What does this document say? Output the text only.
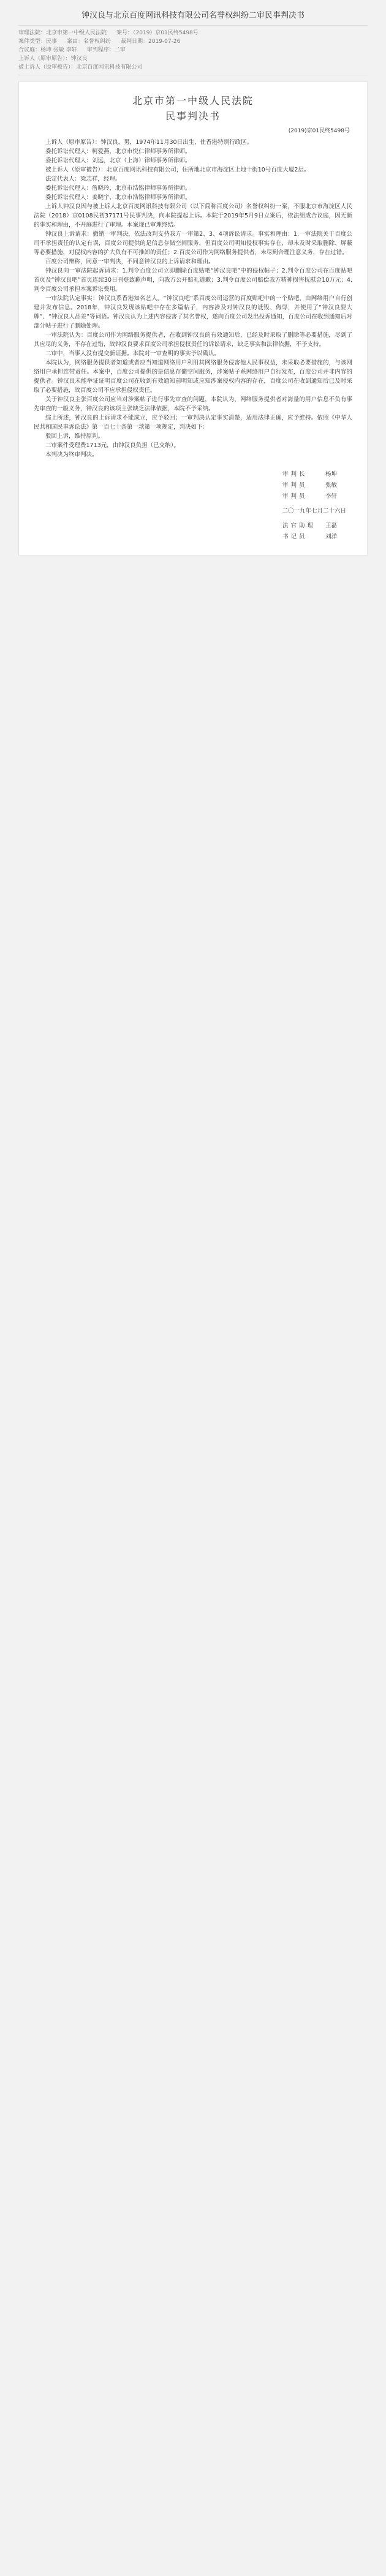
钟汉良与北京百度网讯科技有限公司名誉权纠纷二审民事判决书
审理法院：北京市第一中级人民法院 案号：（2019）京01民终5498号
案件类型：民事 案由：名誉权纠纷 裁判日期：2019-07-26
合议庭：杨坤 张敏 李轩 审判程序：二审
上诉人（原审原告）：钟汉良
被上诉人（原审被告）：北京百度网讯科技有限公司
北京市第一中级人民法院
民事判决书
(2019)京01民终5498号

上诉人（原审原告）：钟汉良，男，1974年11月30日出生，住香港特别行政区。

委托诉讼代理人：柯爱燕，北京市悦仁律师事务所律师。

委托诉讼代理人：刘远，北京（上海）律师事务所律师。

被上诉人（原审被告）：北京百度网讯科技有限公司，住所地北京市海淀区上地十街10号百度大厦2层。

法定代表人：梁志祥，经理。

委托诉讼代理人：詹晓玲，北京市浩铭律师事务所律师。

委托诉讼代理人：姜晓宇，北京市浩铭律师事务所律师。

上诉人钟汉良因与被上诉人北京百度网讯科技有限公司（以下简称百度公司）名誉权纠纷一案，不服北京市海淀区人民法院（2018）京0108民初37171号民事判决，向本院提起上诉。本院于2019年5月9日立案后，依法组成合议庭，因无新的事实和理由，不开庭进行了审理。本案现已审理终结。

钟汉良上诉请求：撤销一审判决，依法改判支持我方一审第2、3、4项诉讼请求。事实和理由：1.一审法院关于百度公司不承担责任的认定有误，百度公司提供的是信息存储空间服务，但百度公司明知侵权事实存在，却未及时采取删除、屏蔽等必要措施，对侵权内容的扩大负有不可推卸的责任；2.百度公司作为网络服务提供者，未尽到合理注意义务，存在过错。

百度公司辩称，同意一审判决，不同意钟汉良的上诉请求和理由。

钟汉良向一审法院起诉请求：1.判令百度公司立即删除百度贴吧“钟汉良吧”中的侵权帖子；2.判令百度公司在百度贴吧首页及“钟汉良吧”首页连续30日刊登致歉声明，向我方公开赔礼道歉；3.判令百度公司赔偿我方精神损害抚慰金10万元；4.判令百度公司承担本案诉讼费用。

一审法院认定事实：钟汉良系香港知名艺人。“钟汉良吧”系百度公司运营的百度贴吧中的一个贴吧，由网络用户自行创建并发布信息。2018年，钟汉良发现该贴吧中存在多篇帖子，内容涉及对钟汉良的诋毁、侮辱，并使用了“钟汉良耍大牌”、“钟汉良人品差”等词语。钟汉良认为上述内容侵害了其名誉权，遂向百度公司发出投诉通知，百度公司在收到通知后对部分帖子进行了删除处理。

一审法院认为：百度公司作为网络服务提供者，在收到钟汉良的有效通知后，已经及时采取了删除等必要措施，尽到了其应尽的义务，不存在过错，故钟汉良要求百度公司承担侵权责任的诉讼请求，缺乏事实和法律依据，不予支持。

二审中，当事人没有提交新证据。本院对一审查明的事实予以确认。

本院认为，网络服务提供者知道或者应当知道网络用户利用其网络服务侵害他人民事权益，未采取必要措施的，与该网络用户承担连带责任。本案中，百度公司提供的是信息存储空间服务，涉案帖子系网络用户自行发布，百度公司并非内容的提供者。钟汉良未能举证证明百度公司在收到有效通知前明知或应知涉案侵权内容的存在，百度公司在收到通知后已及时采取了必要措施，故百度公司不应承担侵权责任。

关于钟汉良主张百度公司应当对涉案帖子进行事先审查的问题，本院认为，网络服务提供者对海量的用户信息不负有事先审查的一般义务，钟汉良的该项主张缺乏法律依据，本院不予采纳。

综上所述，钟汉良的上诉请求不能成立，应予驳回；一审判决认定事实清楚，适用法律正确，应予维持。依照《中华人民共和国民事诉讼法》第一百七十条第一款第一项规定，判决如下：

驳回上诉，维持原判。

二审案件受理费1713元，由钟汉良负担（已交纳）。

本判决为终审判决。

审判长	杨坤
审判员	张敏
审判员	李轩
二〇一九年七月二十六日
法官助理	王磊
书记员	刘洋
